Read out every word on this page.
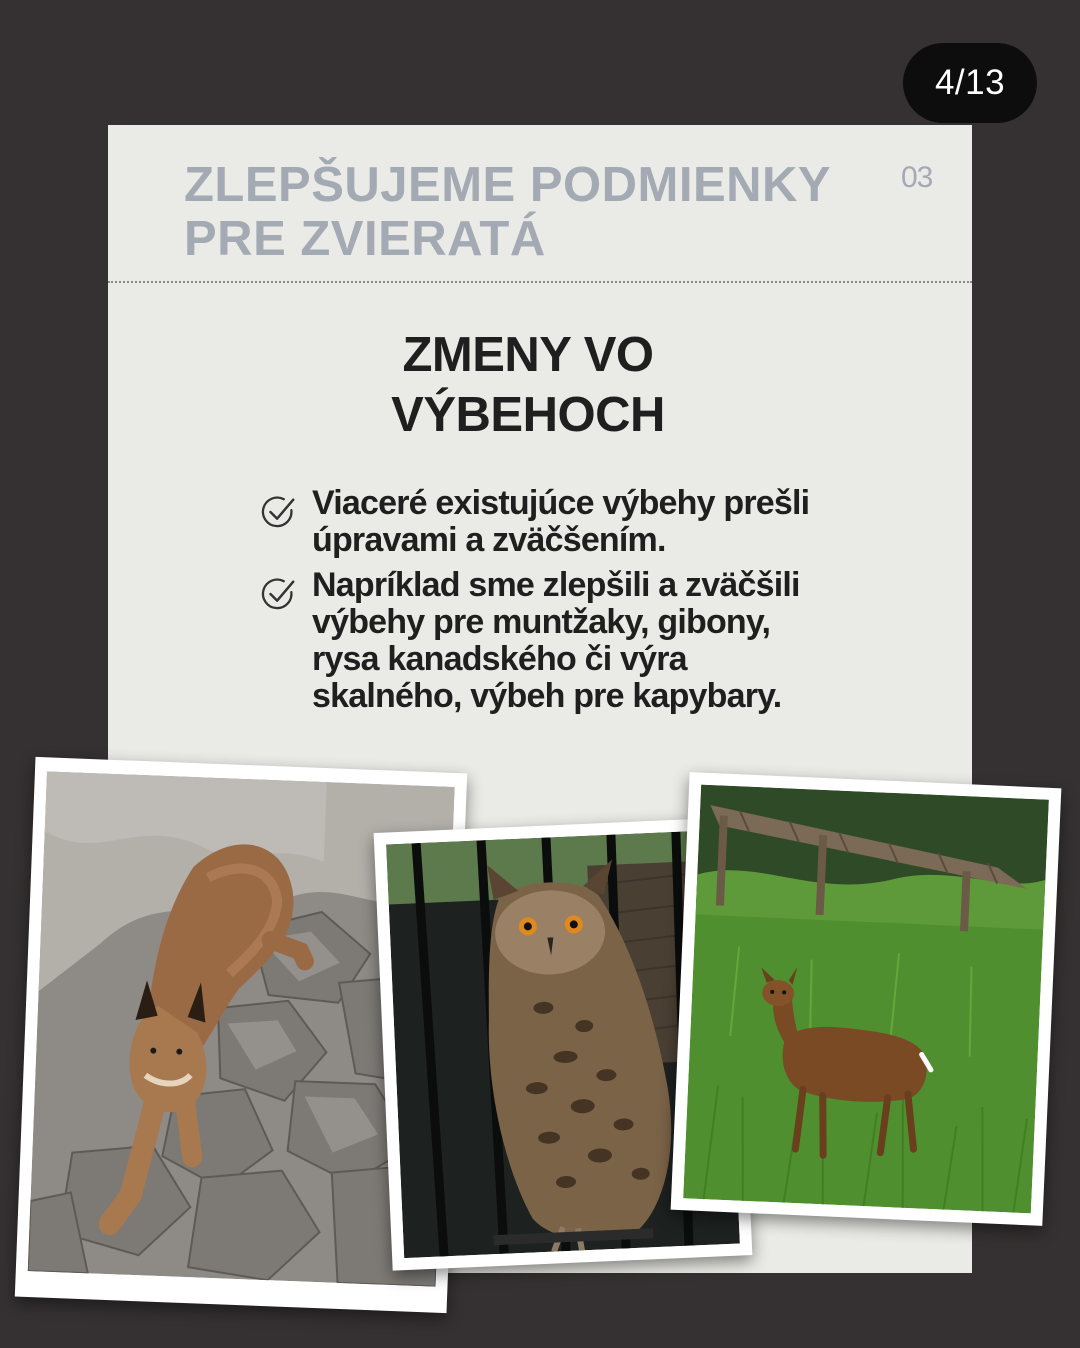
4/13
ZLEPŠUJEME PODMIENKY
PRE ZVIERATÁ
03
ZMENY VO
VÝBEHOCH
Viaceré existujúce výbehy prešli úpravami a zväčšením.
Napríklad sme zlepšili a zväčšili výbehy pre muntžaky, gibony, rysa kanadského či výra skalného, výbeh pre kapybary.
